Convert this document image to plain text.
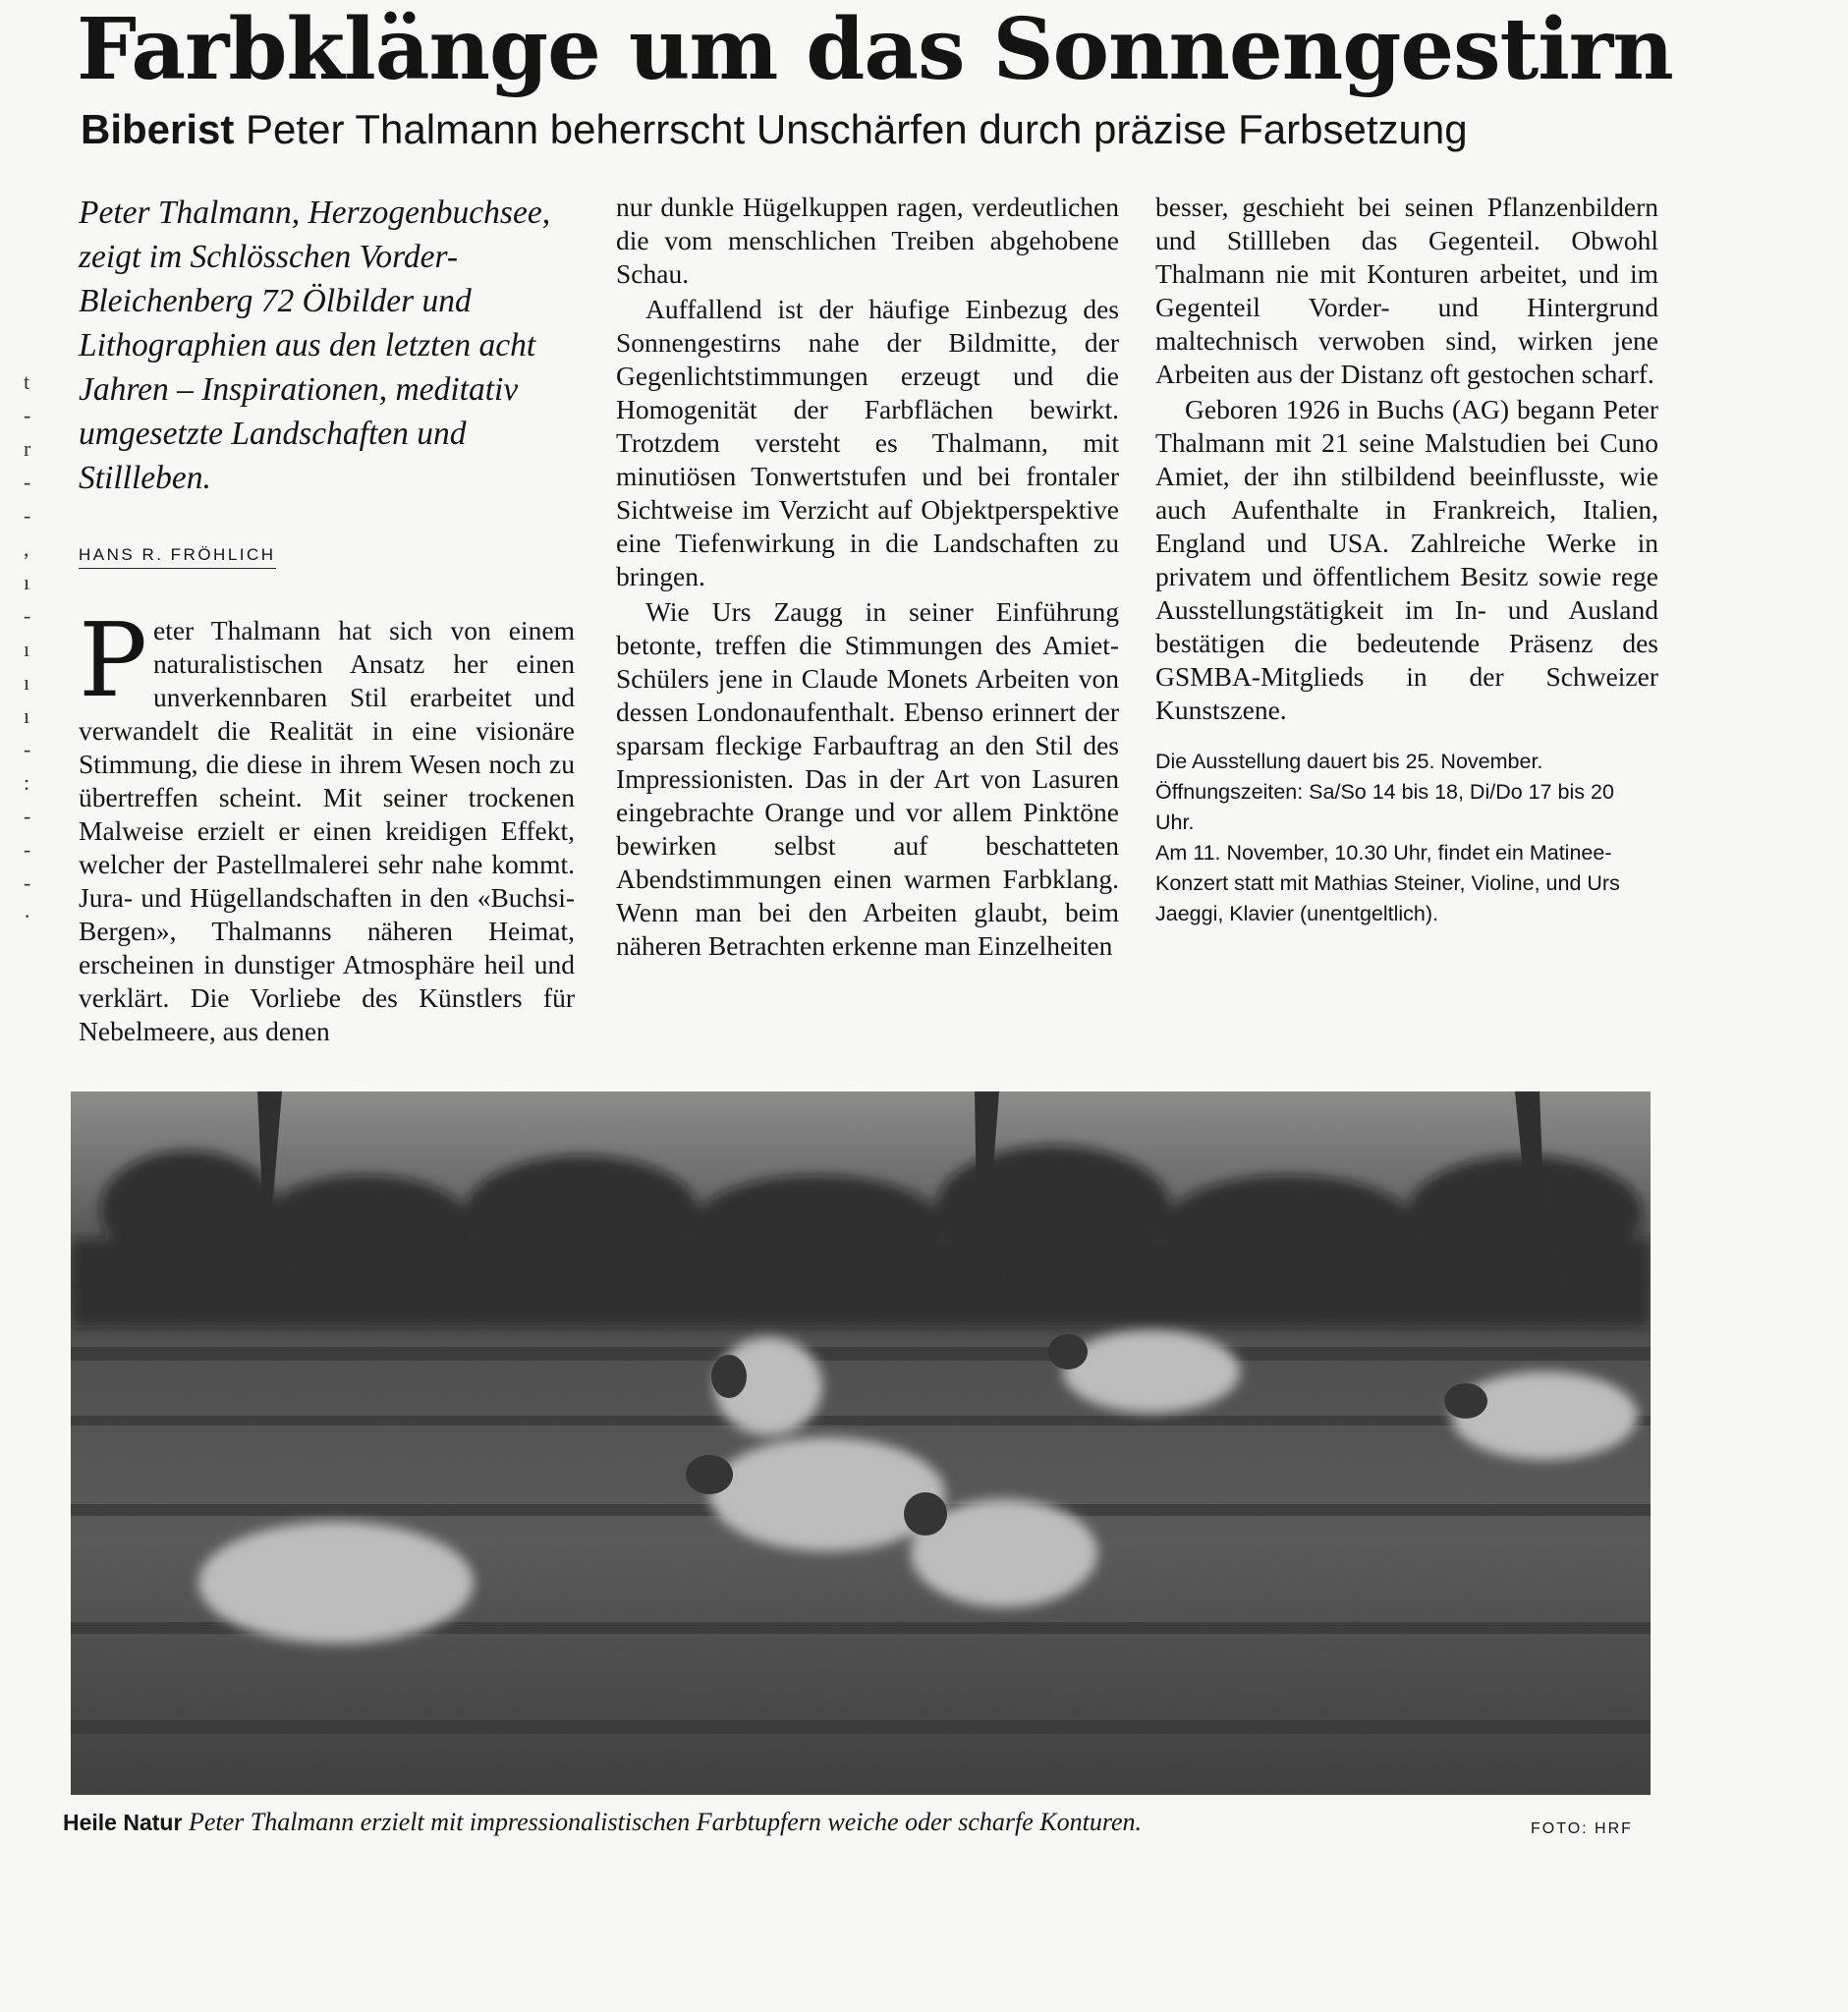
Farbklänge um das Sonnengestirn
Biberist Peter Thalmann beherrscht Unschärfen durch präzise Farbsetzung
t
-
r
-
-
,
ı
-
ı
ı
ı
-
:
-
-
-
·

Peter Thalmann, Herzogenbuchsee, zeigt im Schlösschen Vorder-Bleichenberg 72 Ölbilder und Lithographien aus den letzten acht Jahren – Inspirationen, meditativ umgesetzte Landschaften und Stillleben.

HANS R. FRÖHLICH

Peter Thalmann hat sich von einem naturalistischen Ansatz her einen unverkennbaren Stil erarbeitet und verwandelt die Realität in eine visionäre Stimmung, die diese in ihrem Wesen noch zu übertreffen scheint. Mit seiner trockenen Malweise erzielt er einen kreidigen Effekt, welcher der Pastellmalerei sehr nahe kommt. Jura- und Hügellandschaften in den «Buchsi-Bergen», Thalmanns näheren Heimat, erscheinen in dunstiger Atmosphäre heil und verklärt. Die Vorliebe des Künstlers für Nebelmeere, aus denen

nur dunkle Hügelkuppen ragen, verdeutlichen die vom menschlichen Treiben abgehobene Schau.

Auffallend ist der häufige Einbezug des Sonnengestirns nahe der Bildmitte, der Gegenlichtstimmungen erzeugt und die Homogenität der Farbflächen bewirkt. Trotzdem versteht es Thalmann, mit minutiösen Tonwertstufen und bei frontaler Sichtweise im Verzicht auf Objektperspektive eine Tiefenwirkung in die Landschaften zu bringen.

Wie Urs Zaugg in seiner Einführung betonte, treffen die Stimmungen des Amiet-Schülers jene in Claude Monets Arbeiten von dessen Londonaufenthalt. Ebenso erinnert der sparsam fleckige Farbauftrag an den Stil des Impressionisten. Das in der Art von Lasuren eingebrachte Orange und vor allem Pinktöne bewirken selbst auf beschatteten Abendstimmungen einen warmen Farbklang. Wenn man bei den Arbeiten glaubt, beim näheren Betrachten erkenne man Einzelheiten

besser, geschieht bei seinen Pflanzenbildern und Stillleben das Gegenteil. Obwohl Thalmann nie mit Konturen arbeitet, und im Gegenteil Vorder- und Hintergrund maltechnisch verwoben sind, wirken jene Arbeiten aus der Distanz oft gestochen scharf.

Geboren 1926 in Buchs (AG) begann Peter Thalmann mit 21 seine Malstudien bei Cuno Amiet, der ihn stilbildend beeinflusste, wie auch Aufenthalte in Frankreich, Italien, England und USA. Zahlreiche Werke in privatem und öffentlichem Besitz sowie rege Ausstellungstätigkeit im In- und Ausland bestätigen die bedeutende Präsenz des GSMBA-Mitglieds in der Schweizer Kunstszene.

Die Ausstellung dauert bis 25. November. Öffnungszeiten: Sa/So 14 bis 18, Di/Do 17 bis 20 Uhr.

Am 11. November, 10.30 Uhr, findet ein Matinee-Konzert statt mit Mathias Steiner, Violine, und Urs Jaeggi, Klavier (unentgeltlich).

Heile Natur Peter Thalmann erzielt mit impressionalistischen Farbtupfern weiche oder scharfe Konturen.	FOTO: HRF
